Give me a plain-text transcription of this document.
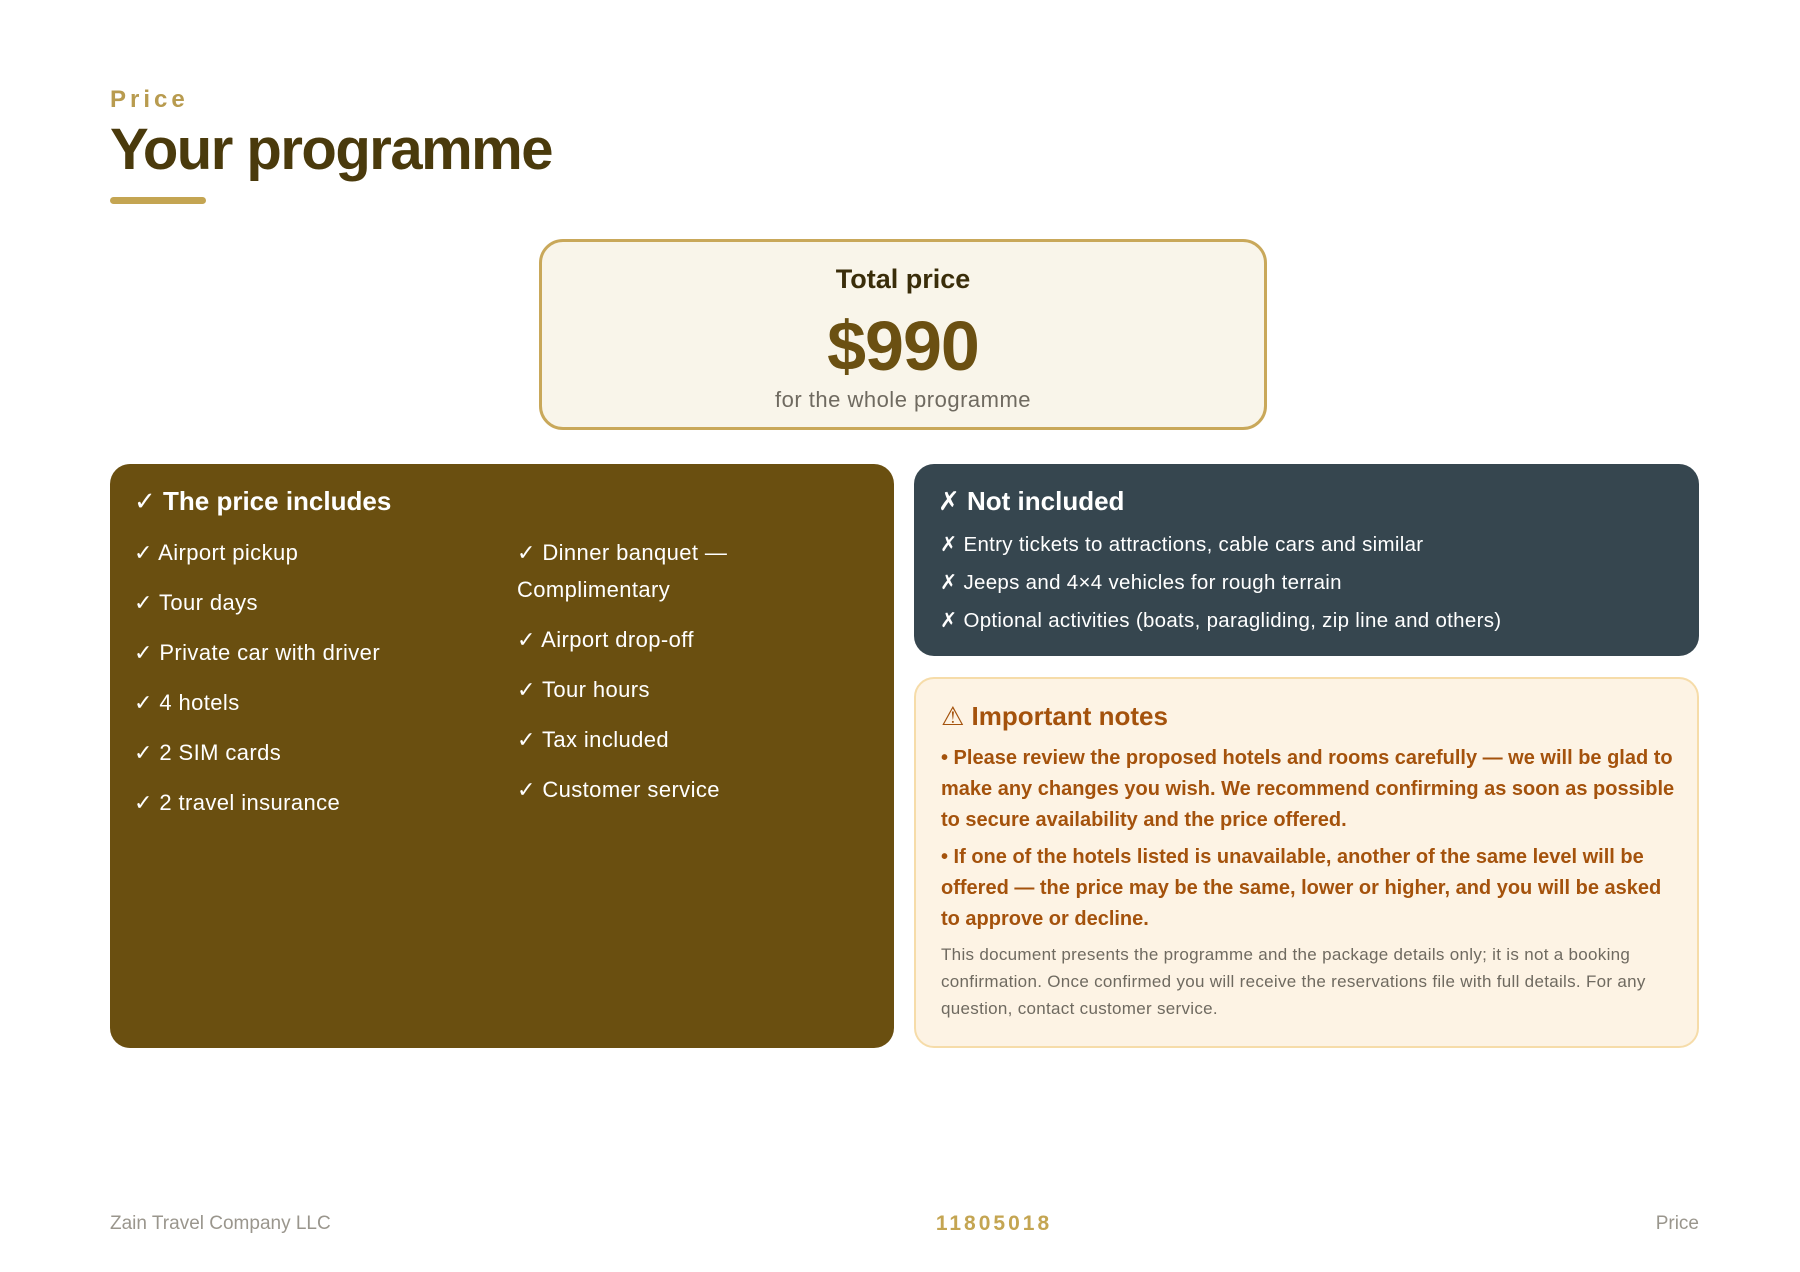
Price
Your programme
Total price
$990
for the whole programme
✓ The price includes
✓ Airport pickup
✓ Tour days
✓ Private car with driver
✓ 4 hotels
✓ 2 SIM cards
✓ 2 travel insurance
✓ Dinner banquet — Complimentary
✓ Airport drop-off
✓ Tour hours
✓ Tax included
✓ Customer service
✗ Not included
✗ Entry tickets to attractions, cable cars and similar
✗ Jeeps and 4×4 vehicles for rough terrain
✗ Optional activities (boats, paragliding, zip line and others)
⚠ Important notes

• Please review the proposed hotels and rooms carefully — we will be glad to make any changes you wish. We recommend confirming as soon as possible to secure availability and the price offered.

• If one of the hotels listed is unavailable, another of the same level will be offered — the price may be the same, lower or higher, and you will be asked to approve or decline.

This document presents the programme and the package details only; it is not a booking confirmation. Once confirmed you will receive the reservations file with full details. For any question, contact customer service.

Zain Travel Company LLC	11805018	Price
